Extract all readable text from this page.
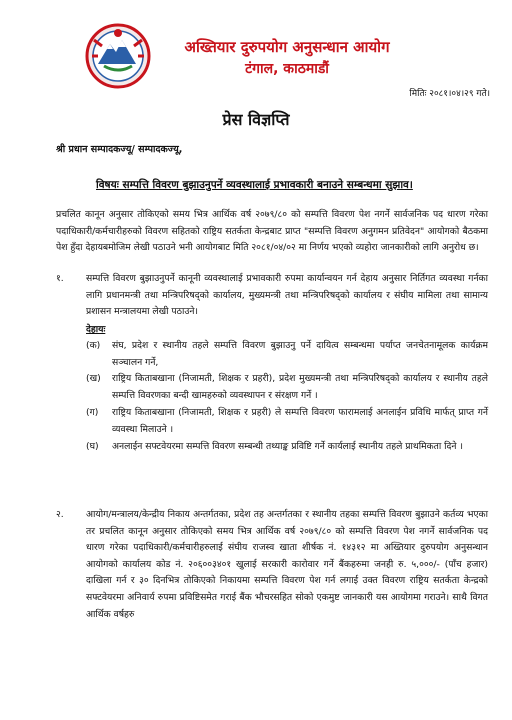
अख्तियार दुरुपयोग अनुसन्धान आयोग
टंगाल, काठमाडौं
मितिः २०८१।०४।२९ गते।
प्रेस विज्ञप्ति
श्री प्रधान सम्पादकज्यू/ सम्पादकज्यू,
विषयः सम्पत्ति विवरण बुझाउनुपर्ने व्यवस्थालाई प्रभावकारी बनाउने सम्बन्धमा सुझाव।
प्रचलित कानून अनुसार तोकिएको समय भित्र आर्थिक वर्ष २०७९/८० को सम्पत्ति विवरण पेश नगर्ने सार्वजनिक पद धारण गरेका पदाधिकारी/कर्मचारीहरुको विवरण सहितको राष्ट्रिय सतर्कता केन्द्रबाट प्राप्त "सम्पत्ति विवरण अनुगमन प्रतिवेदन" आयोगको बैठकमा पेश हुँदा देहायबमोजिम लेखी पठाउने भनी आयोगबाट मिति २०८१/०४/०२ मा निर्णय भएको व्यहोरा जानकारीको लागि अनुरोध छ।
१. सम्पत्ति विवरण बुझाउनुपर्ने कानूनी व्यवस्थालाई प्रभावकारी रुपमा कार्यान्वयन गर्न देहाय अनुसार निर्तिगत व्यवस्था गर्नका लागि प्रधानमन्त्री तथा मन्त्रिपरिषद्को कार्यालय, मुख्यमन्त्री तथा मन्त्रिपरिषद्को कार्यालय र संघीय मामिला तथा सामान्य प्रशासन मन्त्रालयमा लेखी पठाउने।
देहायः
(क) संघ, प्रदेश र स्थानीय तहले सम्पत्ति विवरण बुझाउनु पर्ने दायित्व सम्बन्धमा पर्याप्त जनचेतनामूलक कार्यक्रम सञ्चालन गर्ने,
(ख) राष्ट्रिय किताबखाना (निजामती, शिक्षक र प्रहरी), प्रदेश मुख्यमन्त्री तथा मन्त्रिपरिषद्को कार्यालय र स्थानीय तहले सम्पत्ति विवरणका बन्दी खामहरुको व्यवस्थापन र संरक्षण गर्ने ।
(ग) राष्ट्रिय किताबखाना (निजामती, शिक्षक र प्रहरी) ले सम्पत्ति विवरण फारामलाई अनलाईन प्रविधि मार्फत् प्राप्त गर्ने व्यवस्था मिलाउने ।
(घ) अनलाईन सफ्टवेयरमा सम्पत्ति विवरण सम्बन्धी तथ्याङ्क प्रविष्टि गर्ने कार्यलाई स्थानीय तहले प्राथमिकता दिने ।
२. आयोग/मन्त्रालय/केन्द्रीय निकाय अन्तर्गतका, प्रदेश तह अन्तर्गतका र स्थानीय तहका सम्पत्ति विवरण बुझाउने कर्तव्य भएका तर प्रचलित कानून अनुसार तोकिएको समय भित्र आर्थिक वर्ष २०७९/८० को सम्पत्ति विवरण पेश नगर्ने सार्वजनिक पद धारण गरेका पदाधिकारी/कर्मचारीहरुलाई संघीय राजस्व खाता शीर्षक नं. १४३१२ मा अख्तियार दुरुपयोग अनुसन्धान आयोगको कार्यालय कोड नं. २०६००३४०१ खुलाई सरकारी कारोवार गर्ने बैंकहरुमा जनही रु. ५,०००/- (पाँच हजार) दाखिला गर्न र ३० दिनभित्र तोकिएको निकायमा सम्पत्ति विवरण पेश गर्न लगाई उक्त विवरण राष्ट्रिय सतर्कता केन्द्रको सफ्टवेयरमा अनिवार्य रुपमा प्रविष्टिसमेत गराई बैंक भौचरसहित सोको एकमुष्ट जानकारी यस आयोगमा गराउने। साथै विगत आर्थिक वर्षहरु
